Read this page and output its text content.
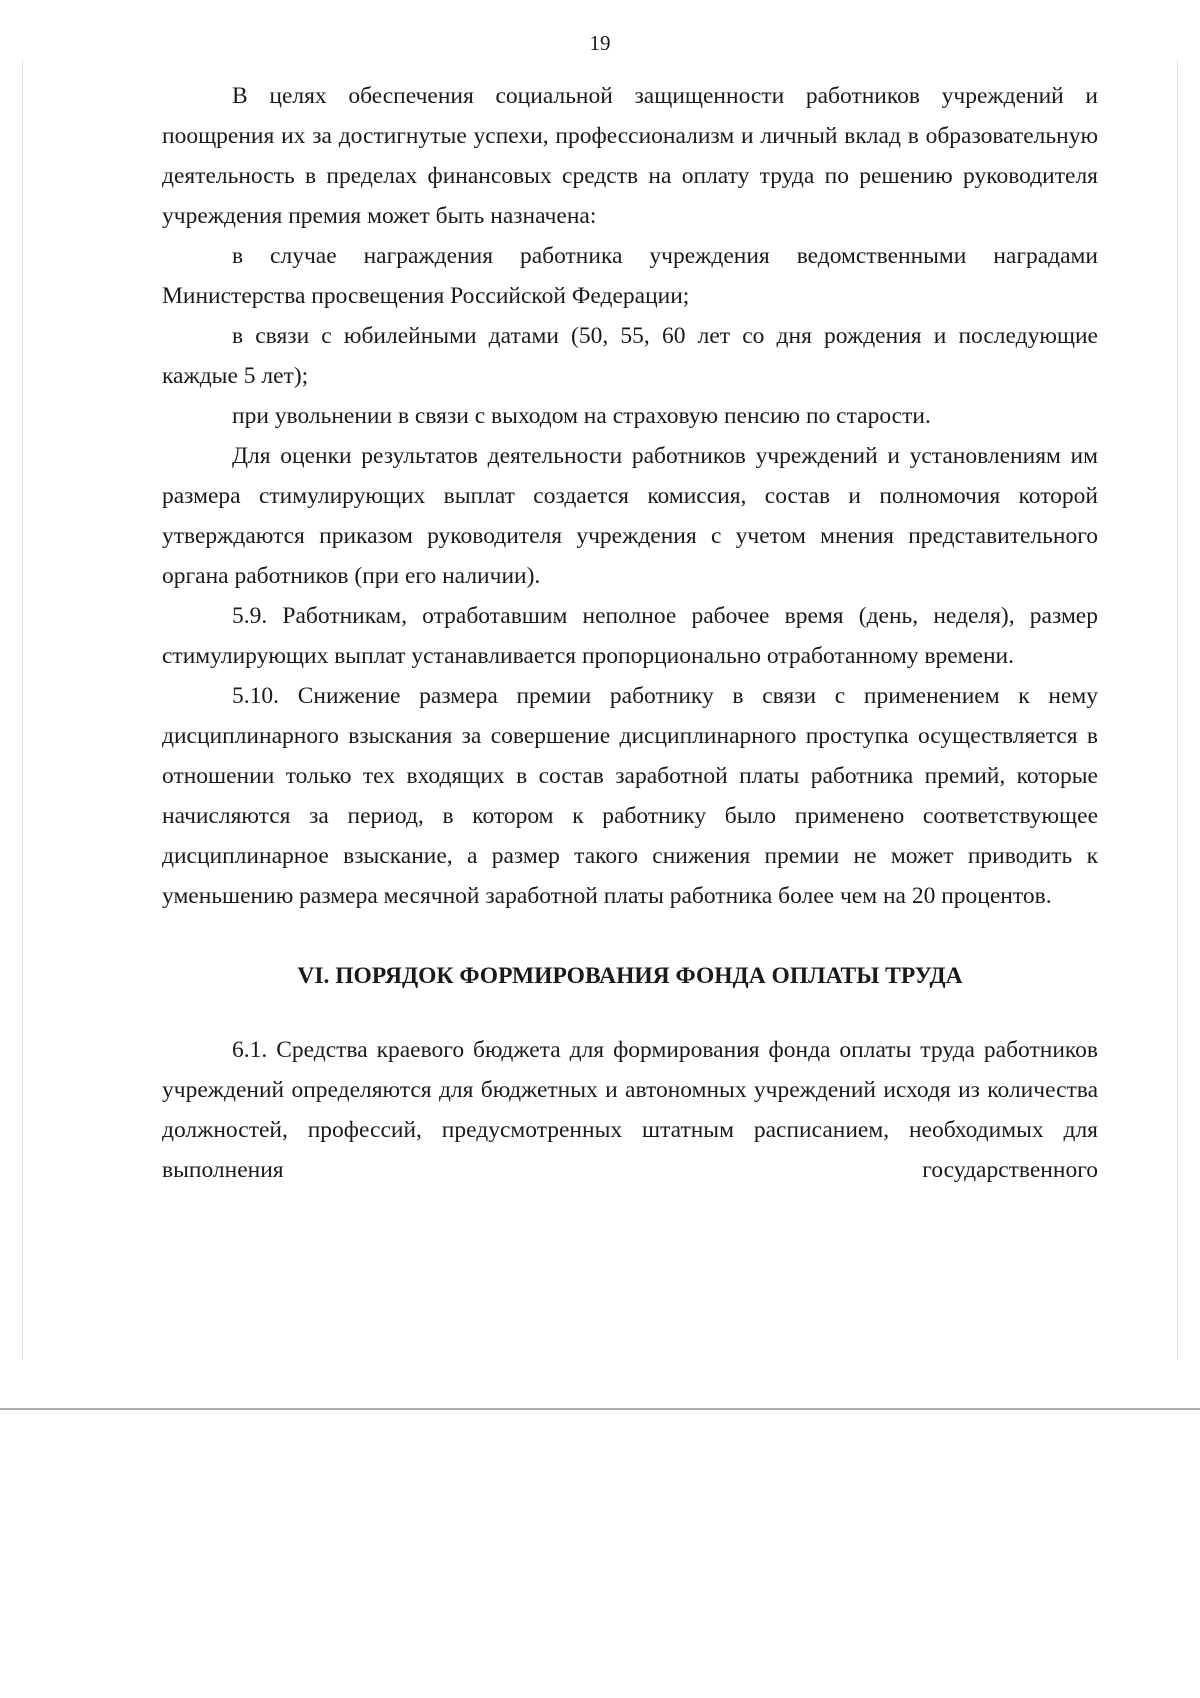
19

В целях обеспечения социальной защищенности работников учреждений и поощрения их за достигнутые успехи, профессионализм и личный вклад в образовательную деятельность в пределах финансовых средств на оплату труда по решению руководителя учреждения премия может быть назначена:

в случае награждения работника учреждения ведомственными наградами Министерства просвещения Российской Федерации;

в связи с юбилейными датами (50, 55, 60 лет со дня рождения и последующие каждые 5 лет);

при увольнении в связи с выходом на страховую пенсию по старости.

Для оценки результатов деятельности работников учреждений и установлениям им размера стимулирующих выплат создается комиссия, состав и полномочия которой утверждаются приказом руководителя учреждения с учетом мнения представительного органа работников (при его наличии).

5.9. Работникам, отработавшим неполное рабочее время (день, неделя), размер стимулирующих выплат устанавливается пропорционально отработанному времени.

5.10. Снижение размера премии работнику в связи с применением к нему дисциплинарного взыскания за совершение дисциплинарного проступка осуществляется в отношении только тех входящих в состав заработной платы работника премий, которые начисляются за период, в котором к работнику было применено соответствующее дисциплинарное взыскание, а размер такого снижения премии не может приводить к уменьшению размера месячной заработной платы работника более чем на 20 процентов.

VI. ПОРЯДОК ФОРМИРОВАНИЯ ФОНДА ОПЛАТЫ ТРУДА

6.1. Средства краевого бюджета для формирования фонда оплаты труда работников учреждений определяются для бюджетных и автономных учреждений исходя из количества должностей, профессий, предусмотренных штатным расписанием, необходимых для выполнения государственного
